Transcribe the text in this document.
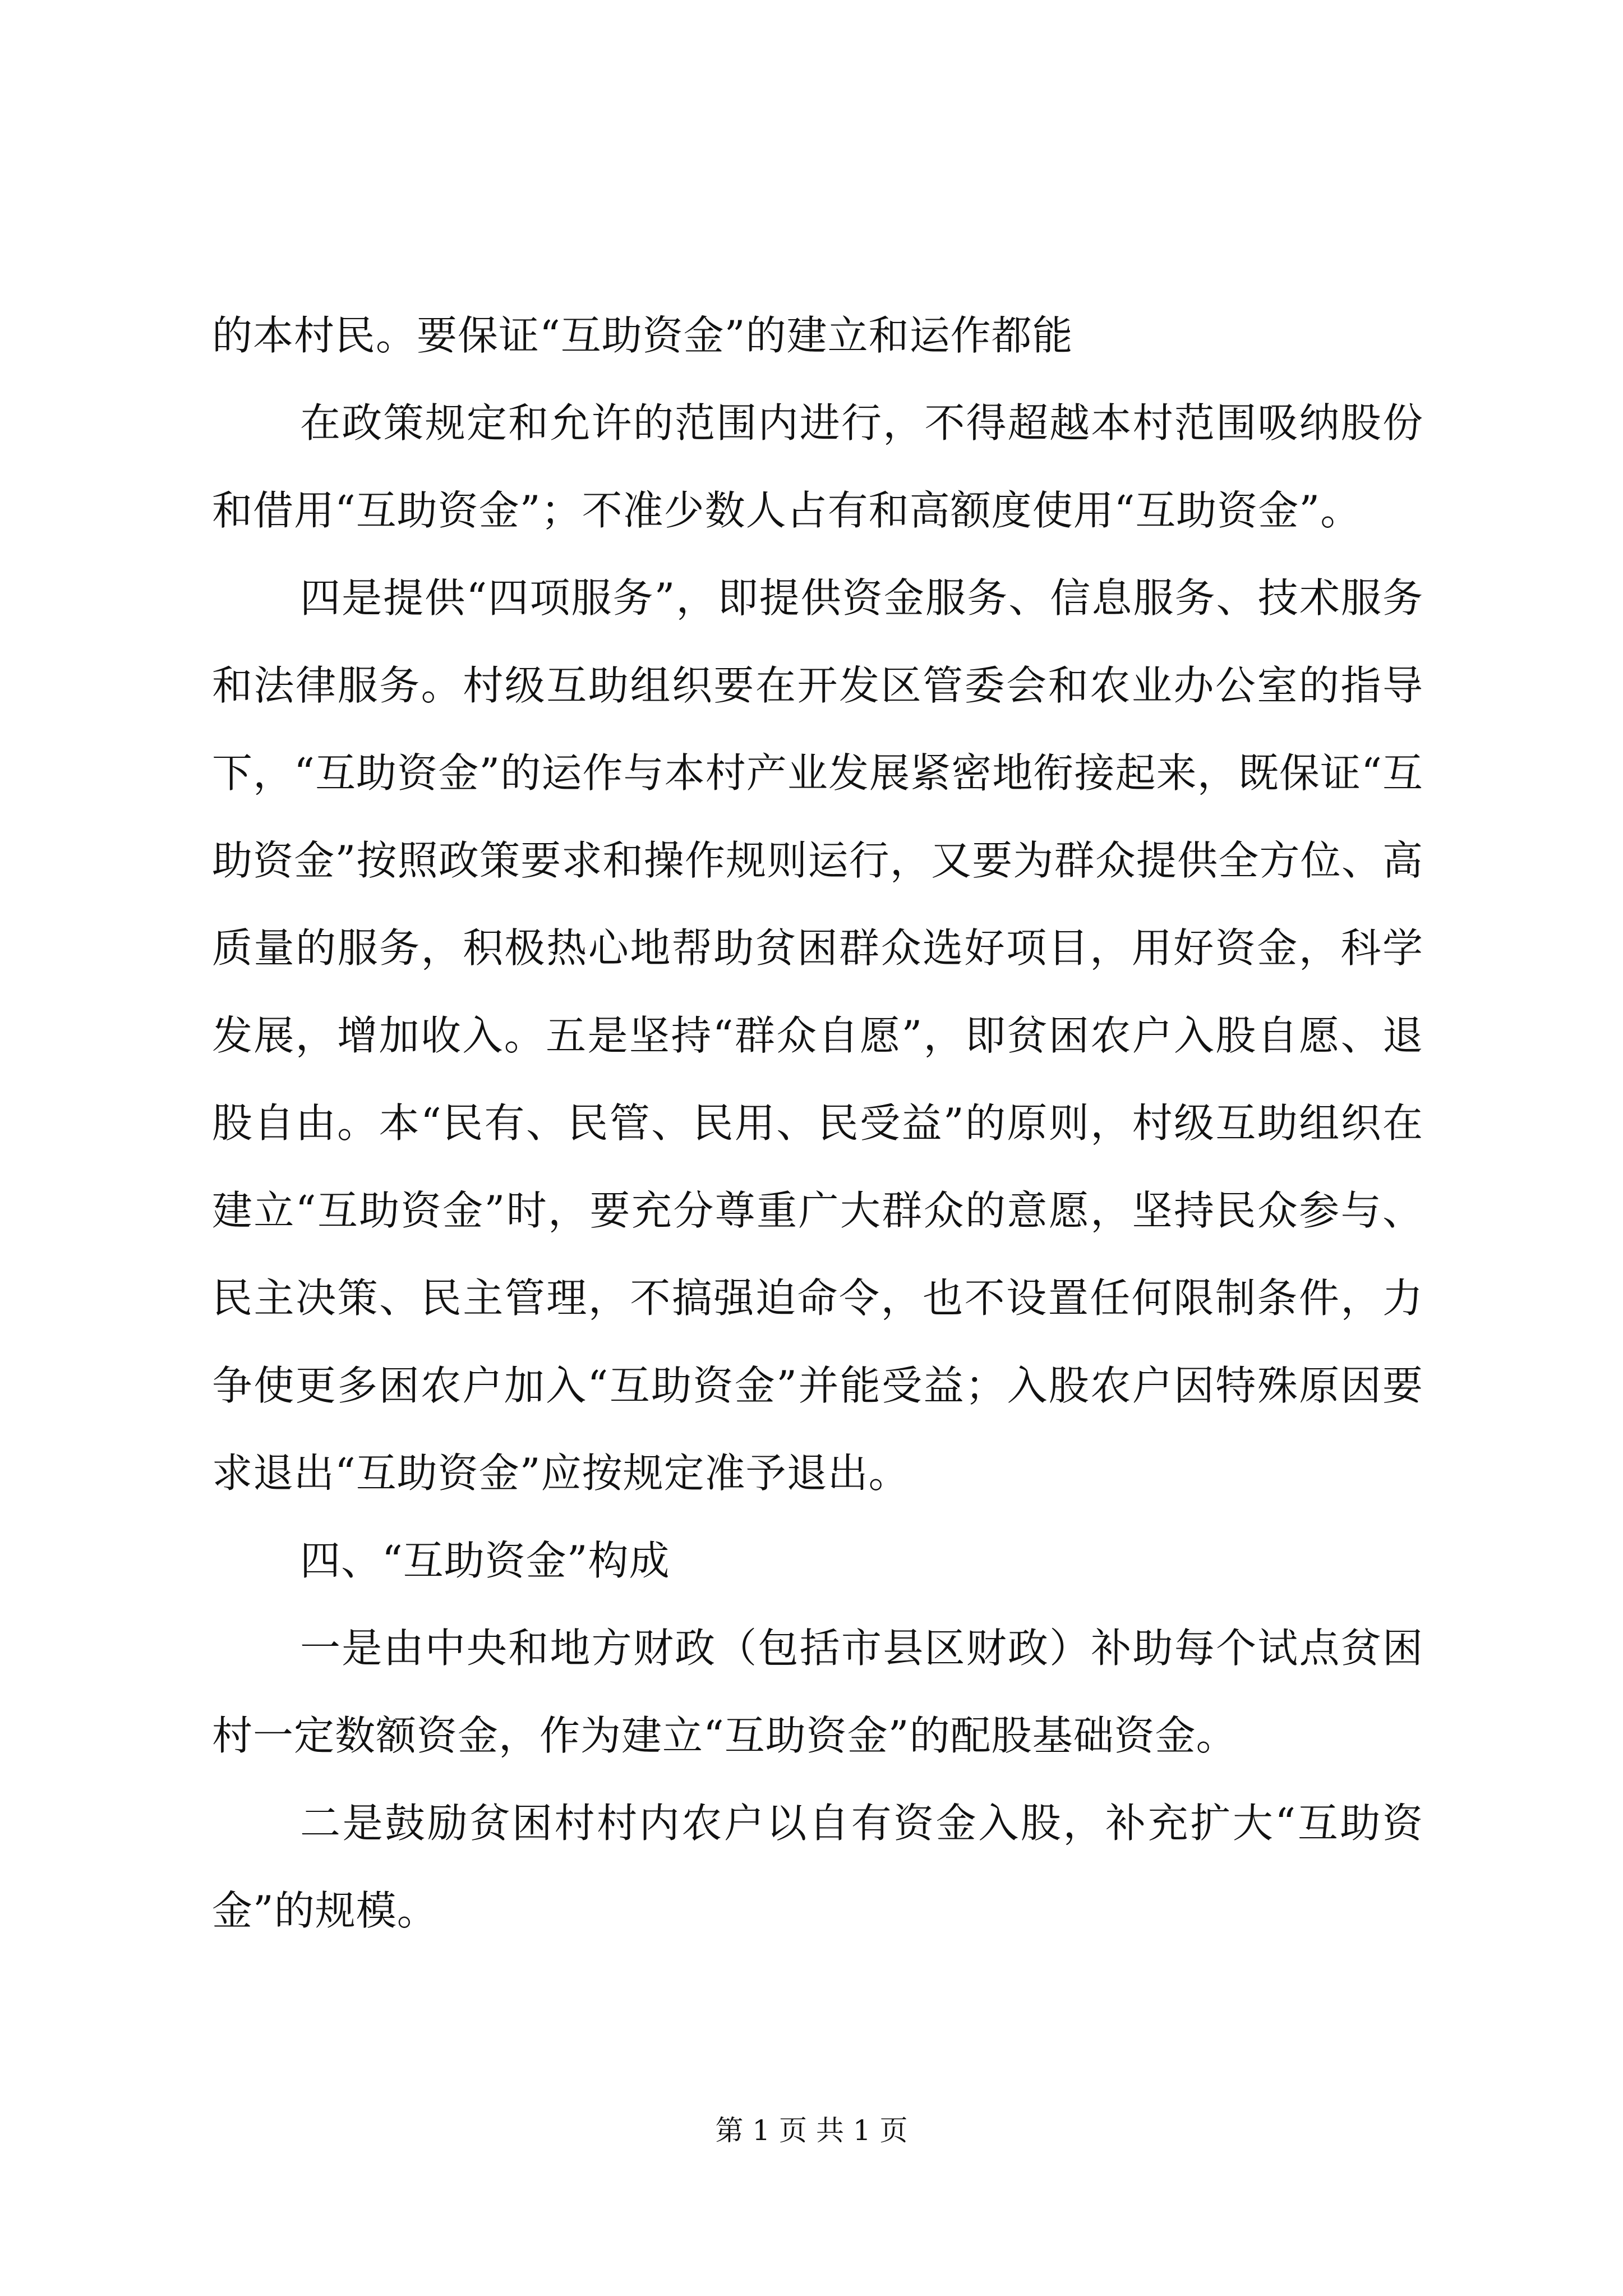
的本村民。要保证“互助资金”的建立和运作都能

在政策规定和允许的范围内进行，不得超越本村范围吸纳股份和借用“互助资金”；不准少数人占有和高额度使用“互助资金”。

四是提供“四项服务”，即提供资金服务、信息服务、技术服务和法律服务。村级互助组织要在开发区管委会和农业办公室的指导下，“互助资金”的运作与本村产业发展紧密地衔接起来，既保证“互助资金”按照政策要求和操作规则运行，又要为群众提供全方位、高质量的服务，积极热心地帮助贫困群众选好项目，用好资金，科学发展，增加收入。五是坚持“群众自愿”，即贫困农户入股自愿、退股自由。本“民有、民管、民用、民受益”的原则，村级互助组织在建立“互助资金”时，要充分尊重广大群众的意愿，坚持民众参与、民主决策、民主管理，不搞强迫命令，也不设置任何限制条件，力争使更多困农户加入“互助资金”并能受益；入股农户因特殊原因要求退出“互助资金”应按规定准予退出。

四、“互助资金”构成

一是由中央和地方财政（包括市县区财政）补助每个试点贫困村一定数额资金，作为建立“互助资金”的配股基础资金。

二是鼓励贫困村村内农户以自有资金入股，补充扩大“互助资金”的规模。

第 1 页 共 1 页
